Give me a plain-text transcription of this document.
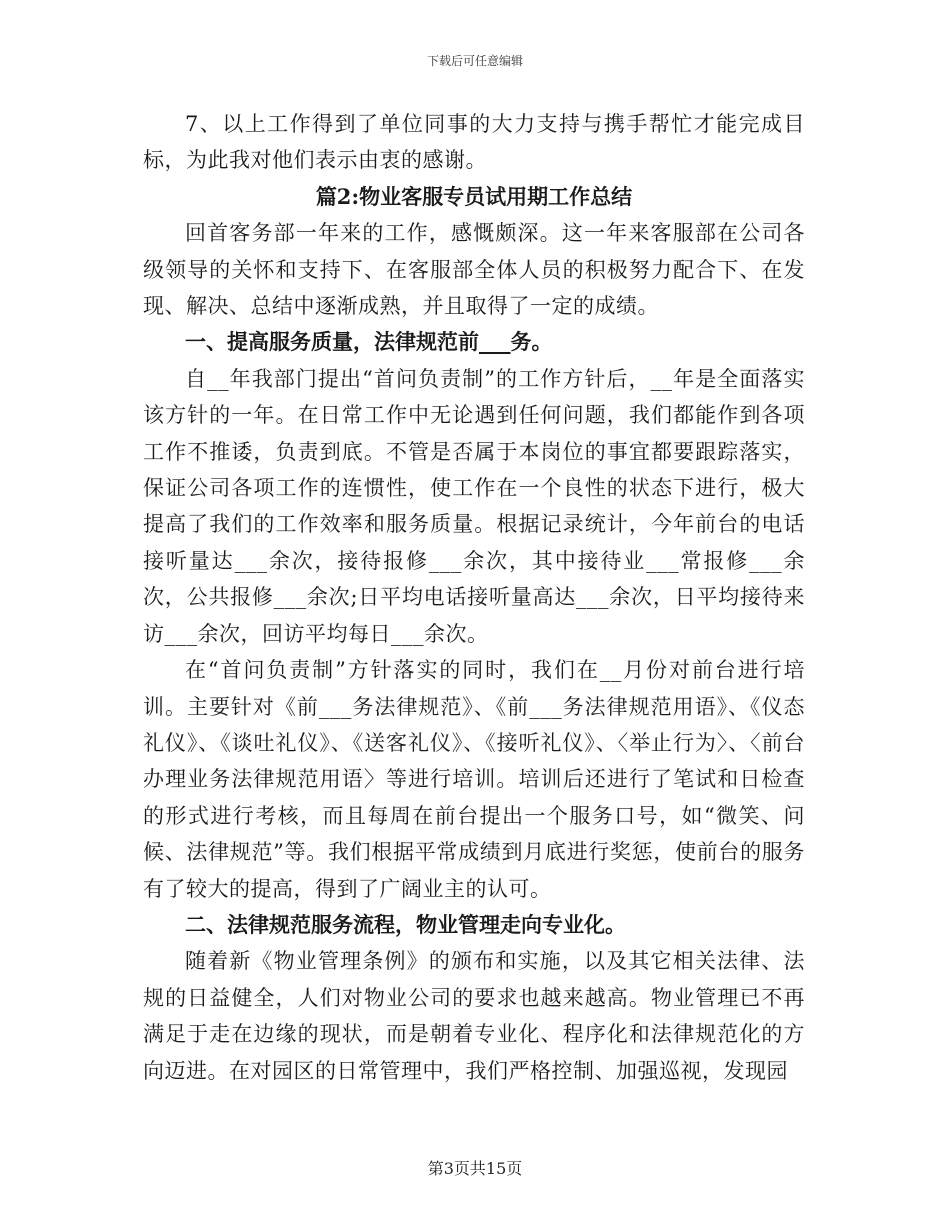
下载后可任意编辑

7、以上工作得到了单位同事的大力支持与携手帮忙才能完成目标，为此我对他们表示由衷的感谢。

篇2:物业客服专员试用期工作总结

回首客务部一年来的工作，感慨颇深。这一年来客服部在公司各级领导的关怀和支持下、在客服部全体人员的积极努力配合下、在发现、解决、总结中逐渐成熟，并且取得了一定的成绩。

一、提高服务质量，法律规范前___务。

自__年我部门提出“首问负责制”的工作方针后，__年是全面落实该方针的一年。在日常工作中无论遇到任何问题，我们都能作到各项工作不推诿，负责到底。不管是否属于本岗位的事宜都要跟踪落实，保证公司各项工作的连惯性，使工作在一个良性的状态下进行，极大提高了我们的工作效率和服务质量。根据记录统计，今年前台的电话接听量达___余次，接待报修___余次，其中接待业___常报修___余次，公共报修___余次;日平均电话接听量高达___余次，日平均接待来访___余次，回访平均每日___余次。

在“首问负责制”方针落实的同时，我们在__月份对前台进行培训。主要针对《前___务法律规范》、《前___务法律规范用语》、《仪态礼仪》、《谈吐礼仪》、《送客礼仪》、《接听礼仪》、〈举止行为〉、〈前台办理业务法律规范用语〉等进行培训。培训后还进行了笔试和日检查的形式进行考核，而且每周在前台提出一个服务口号，如“微笑、问候、法律规范”等。我们根据平常成绩到月底进行奖惩，使前台的服务有了较大的提高，得到了广阔业主的认可。

二、法律规范服务流程，物业管理走向专业化。

随着新《物业管理条例》的颁布和实施，以及其它相关法律、法规的日益健全，人们对物业公司的要求也越来越高。物业管理已不再满足于走在边缘的现状，而是朝着专业化、程序化和法律规范化的方向迈进。在对园区的日常管理中，我们严格控制、加强巡视，发现园

第3页共15页
